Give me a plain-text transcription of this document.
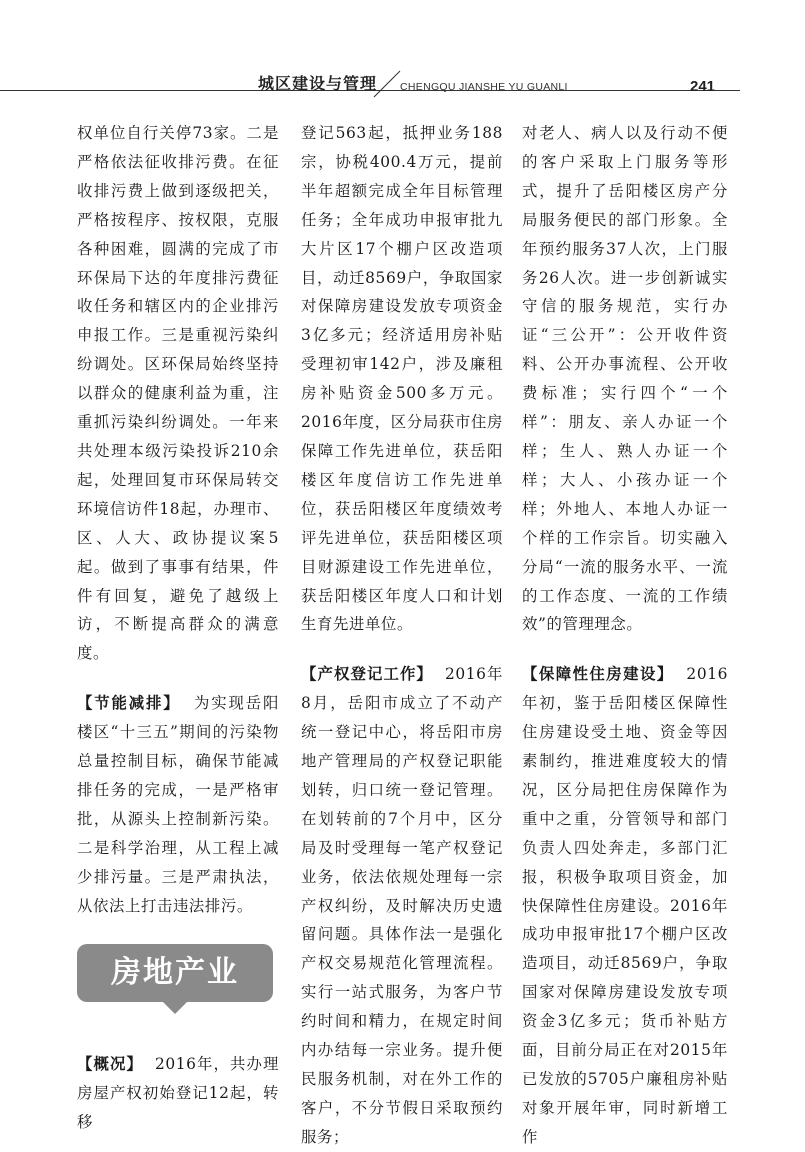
城区建设与管理 CHENGQU JIANSHE YU GUANLI	241

权单位自行关停73家。二是严格依法征收排污费。在征收排污费上做到逐级把关，严格按程序、按权限，克服各种困难，圆满的完成了市环保局下达的年度排污费征收任务和辖区内的企业排污申报工作。三是重视污染纠纷调处。区环保局始终坚持以群众的健康利益为重，注重抓污染纠纷调处。一年来共处理本级污染投诉210余起，处理回复市环保局转交环境信访件18起，办理市、区、人大、政协提议案5起。做到了事事有结果，件件有回复，避免了越级上访，不断提高群众的满意度。

【节能减排】 为实现岳阳楼区“十三五”期间的污染物总量控制目标，确保节能减排任务的完成，一是严格审批，从源头上控制新污染。二是科学治理，从工程上减少排污量。三是严肃执法，从依法上打击违法排污。

房地产业

【概况】 2016年，共办理房屋产权初始登记12起，转移

登记563起，抵押业务188宗，协税400.4万元，提前半年超额完成全年目标管理任务；全年成功申报审批九大片区17个棚户区改造项目，动迁8569户，争取国家对保障房建设发放专项资金3亿多元；经济适用房补贴受理初审142户，涉及廉租房补贴资金500多万元。2016年度，区分局获市住房保障工作先进单位，获岳阳楼区年度信访工作先进单位，获岳阳楼区年度绩效考评先进单位，获岳阳楼区项目财源建设工作先进单位，获岳阳楼区年度人口和计划生育先进单位。

【产权登记工作】 2016年8月，岳阳市成立了不动产统一登记中心，将岳阳市房地产管理局的产权登记职能划转，归口统一登记管理。在划转前的7个月中，区分局及时受理每一笔产权登记业务，依法依规处理每一宗产权纠纷，及时解决历史遗留问题。具体作法一是强化产权交易规范化管理流程。实行一站式服务，为客户节约时间和精力，在规定时间内办结每一宗业务。提升便民服务机制，对在外工作的客户，不分节假日采取预约服务；

对老人、病人以及行动不便的客户采取上门服务等形式，提升了岳阳楼区房产分局服务便民的部门形象。全年预约服务37人次，上门服务26人次。进一步创新诚实守信的服务规范，实行办证“三公开”：公开收件资料、公开办事流程、公开收费标准；实行四个“一个样”：朋友、亲人办证一个样；生人、熟人办证一个样；大人、小孩办证一个样；外地人、本地人办证一个样的工作宗旨。切实融入分局“一流的服务水平、一流的工作态度、一流的工作绩效”的管理理念。

【保障性住房建设】 2016年初，鉴于岳阳楼区保障性住房建设受土地、资金等因素制约，推进难度较大的情况，区分局把住房保障作为重中之重，分管领导和部门负责人四处奔走，多部门汇报，积极争取项目资金，加快保障性住房建设。2016年成功申报审批17个棚户区改造项目，动迁8569户，争取国家对保障房建设发放专项资金3亿多元；货币补贴方面，目前分局正在对2015年已发放的5705户廉租房补贴对象开展年审，同时新增工作
